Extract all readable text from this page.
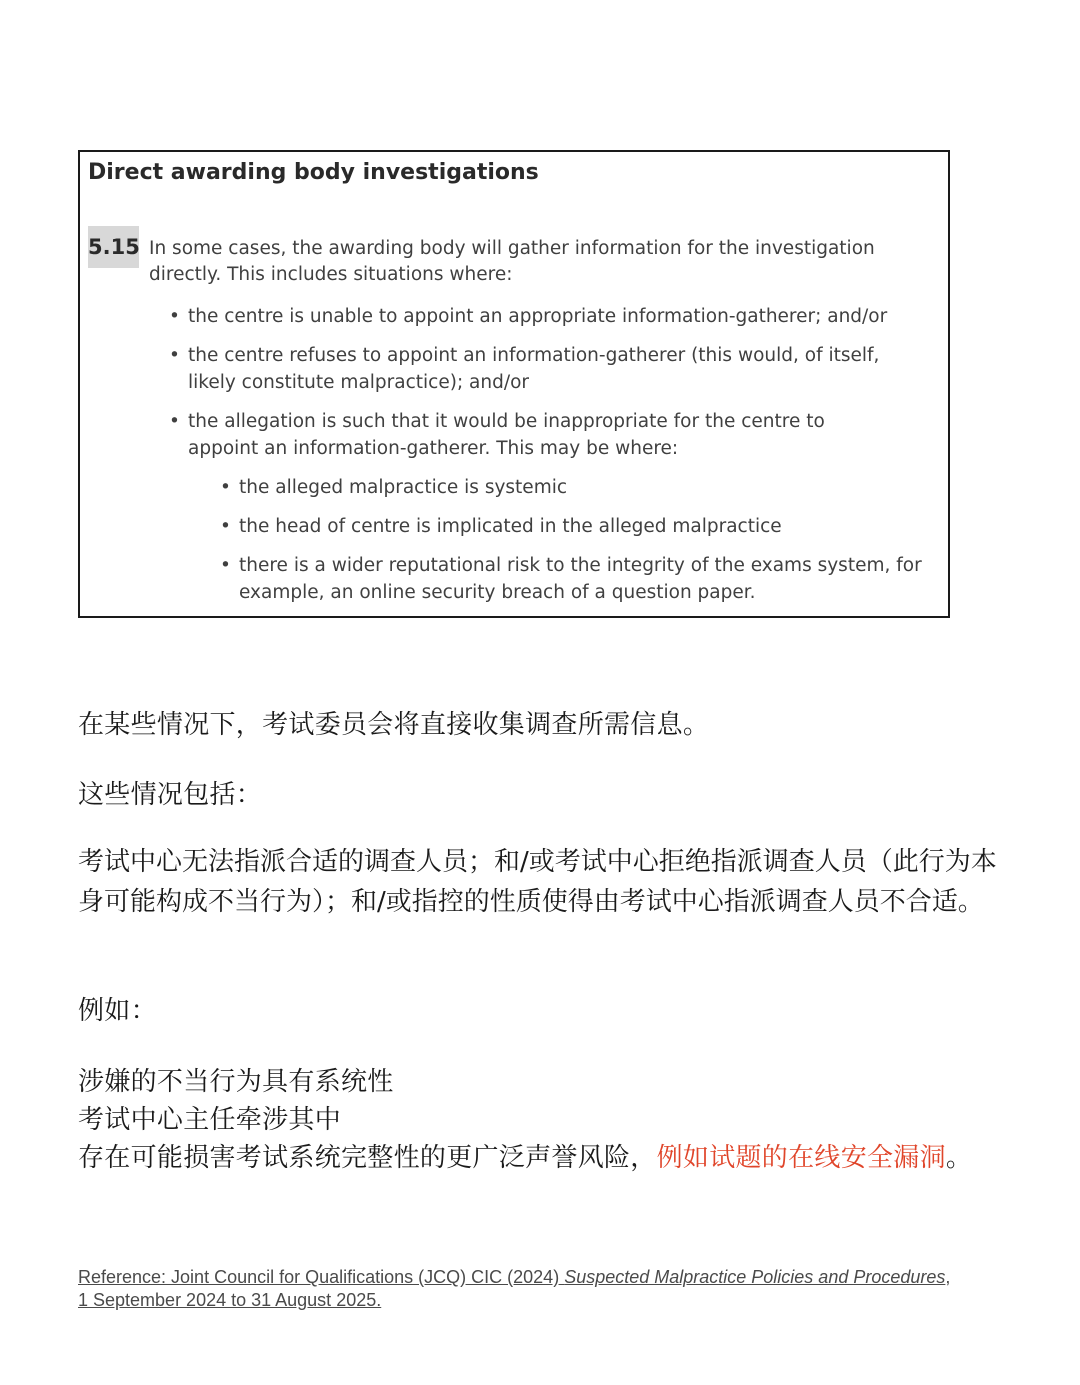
Direct awarding body investigations
5.15 In some cases, the awarding body will gather information for the investigation directly. This includes situations where:
• the centre is unable to appoint an appropriate information-gatherer; and/or
• the centre refuses to appoint an information-gatherer (this would, of itself, likely constitute malpractice); and/or
• the allegation is such that it would be inappropriate for the centre to appoint an information-gatherer. This may be where:
• the alleged malpractice is systemic
• the head of centre is implicated in the alleged malpractice
• there is a wider reputational risk to the integrity of the exams system, for example, an online security breach of a question paper.
在某些情况下，考试委员会将直接收集调查所需信息。
这些情况包括：
考试中心无法指派合适的调查人员；和/或考试中心拒绝指派调查人员（此行为本身可能构成不当行为）；和/或指控的性质使得由考试中心指派调查人员不合适。
例如：
涉嫌的不当行为具有系统性
考试中心主任牵涉其中
存在可能损害考试系统完整性的更广泛声誉风险，例如试题的在线安全漏洞。
Reference: Joint Council for Qualifications (JCQ) CIC (2024) Suspected Malpractice Policies and Procedures, 1 September 2024 to 31 August 2025.
